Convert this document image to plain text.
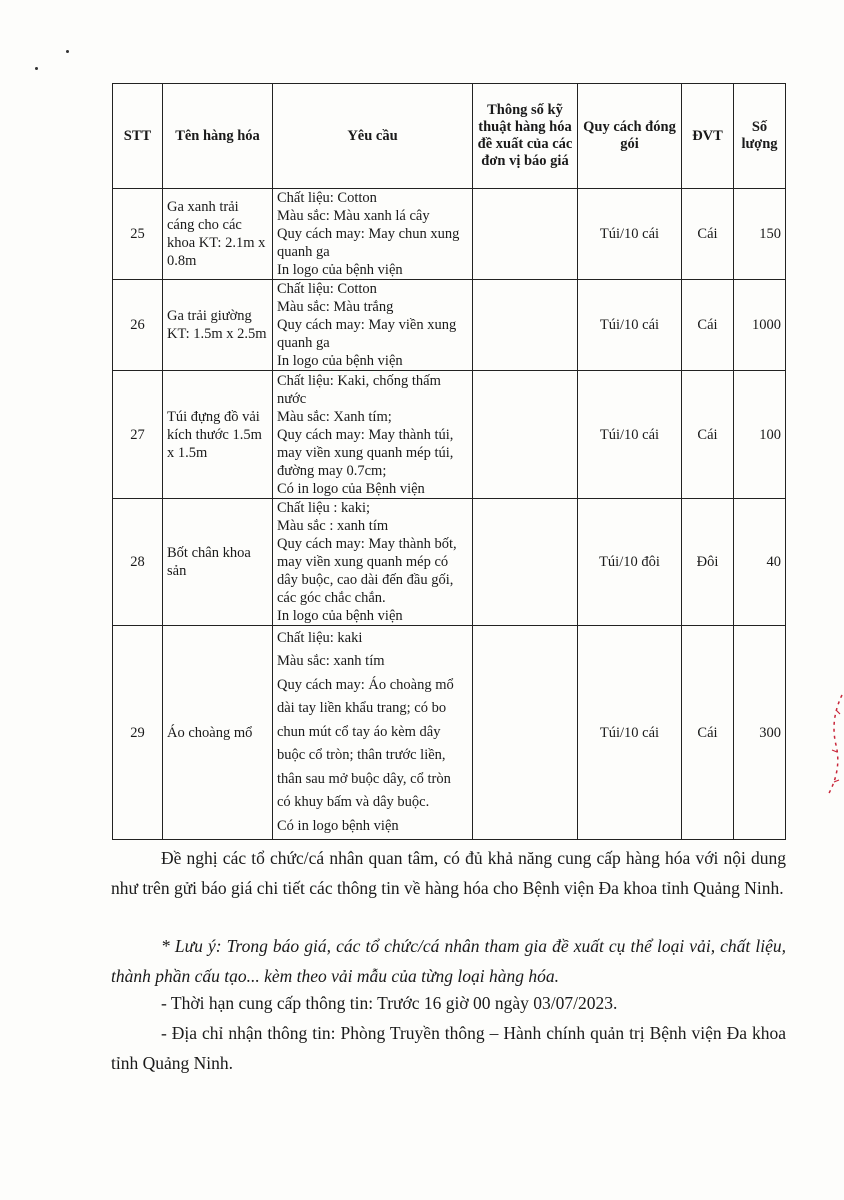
STT	Tên hàng hóa	Yêu cầu	Thông số kỹ thuật hàng hóa đề xuất của các đơn vị báo giá	Quy cách đóng gói	ĐVT	Số lượng
25	Ga xanh trải cáng cho các khoa KT: 2.1m x 0.8m	Chất liệu: Cotton
Màu sắc: Màu xanh lá cây
Quy cách may: May chun xung quanh ga
In logo của bệnh viện		Túi/10 cái	Cái	150
26	Ga trải giường KT: 1.5m x 2.5m	Chất liệu: Cotton
Màu sắc: Màu trắng
Quy cách may: May viền xung quanh ga
In logo của bệnh viện		Túi/10 cái	Cái	1000
27	Túi đựng đồ vải kích thước 1.5m x 1.5m	Chất liệu: Kaki, chống thấm nước
Màu sắc: Xanh tím;
Quy cách may: May thành túi, may viền xung quanh mép túi, đường may 0.7cm;
Có in logo của Bệnh viện		Túi/10 cái	Cái	100
28	Bốt chân khoa sản	Chất liệu : kaki;
Màu sắc : xanh tím
Quy cách may: May thành bốt, may viền xung quanh mép có dây buộc, cao dài đến đầu gối, các góc chắc chắn.
In logo của bệnh viện		Túi/10 đôi	Đôi	40
29	Áo choàng mổ	Chất liệu: kaki
Màu sắc: xanh tím
Quy cách may: Áo choàng mổ dài tay liền khẩu trang; có bo chun mút cổ tay áo kèm dây buộc cổ tròn; thân trước liền, thân sau mở buộc dây, cổ tròn có khuy bấm và dây buộc.
Có in logo bệnh viện		Túi/10 cái	Cái	300

Đề nghị các tổ chức/cá nhân quan tâm, có đủ khả năng cung cấp hàng hóa với nội dung như trên gửi báo giá chi tiết các thông tin về hàng hóa cho Bệnh viện Đa khoa tỉnh Quảng Ninh.

* Lưu ý: Trong báo giá, các tổ chức/cá nhân tham gia đề xuất cụ thể loại vải, chất liệu, thành phần cấu tạo... kèm theo vải mẫu của từng loại hàng hóa.

- Thời hạn cung cấp thông tin: Trước 16 giờ 00 ngày 03/07/2023.

- Địa chỉ nhận thông tin: Phòng Truyền thông – Hành chính quản trị Bệnh viện Đa khoa tỉnh Quảng Ninh.
